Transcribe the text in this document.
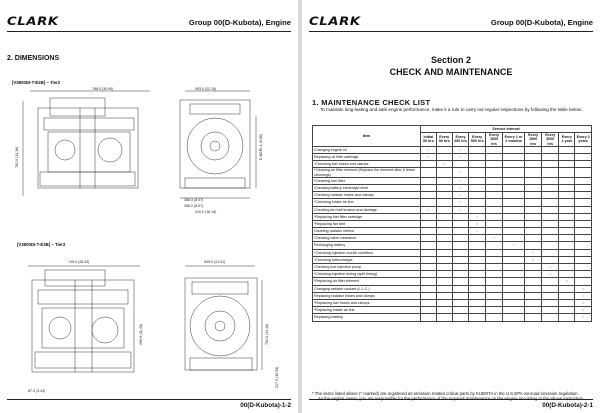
CLARK	Group 00(D-Kubota), Engine
2. DIMENSIONS
[V3800DI-T-E2B] – Tier2
786.0 (30.94)	593.0 (22.15)
761.0 (31.16)	D-NERI-1 (6.85)
356.0 (8.07)
356.0 (8.07)
410.0 (16.14)
[V3800DI-T-E3B] – Tier3
745.0 (28.33)	549.0 (21.61)
295.0 (11.45)	784.0 (31.46)
217.0 (15.59)
87.0 (3.43)
00(D-Kubota)-1-2
CLARK	Group 00(D-Kubota), Engine
Section 2
CHECK AND MAINTENANCE
1. MAINTENANCE CHECK LIST
To maintain long-lasting and safe engine performance, make it a rule to carry out regular inspections by following the table below.
Item	Service Interval									
	Initial 50 hrs	Every 50 hrs	Every 250 hrs	Every 500 hrs	Every 1000 hrs	Every 1 or 2 months	Every 1500 hrs	Every 3000 hrs	Every 1 year	Every 2 years
Changing engine oil	○		○							
Replacing oil filter cartridge	○		○							
*Checking fuel hoses and clamps		○								
*Cleaning air filter element (Replace the element after 6 times cleanings)			○							
*Cleaning fuel filter			○							
Checking battery electrolyte level			○							
Checking radiator hoses and clamps			○							
*Checking intake air line			○							
Checking fan belt tension and damage	○		○							
*Replacing fuel filter cartridge				○						
*Replacing fan belt				○						
Cleaning radiator interior				○						
Checking valve clearance					○					
Recharging battery						○				
*Checking injection nozzle condition							○			
*Checking turbocharger							○			
Checking fuel injection pump								○		
*Checking injection timing (spill timing)								○		
*Replacing air filter element									○	
Changing radiator coolant (L.L.C.)										○
Replacing radiator hoses and clamps										○
*Replacing fuel hoses and clamps										○
*Replacing intake air line										○
Replacing battery										○
* The items listed above (* marked) are registered as emission related critical parts by KUBOTA in the U.S.EPA nonroad emission regulation.
As the engine owner, you are responsible for the performance of the required maintenance on the engine according to the above instruction.
00(D-Kubota)-2-1
